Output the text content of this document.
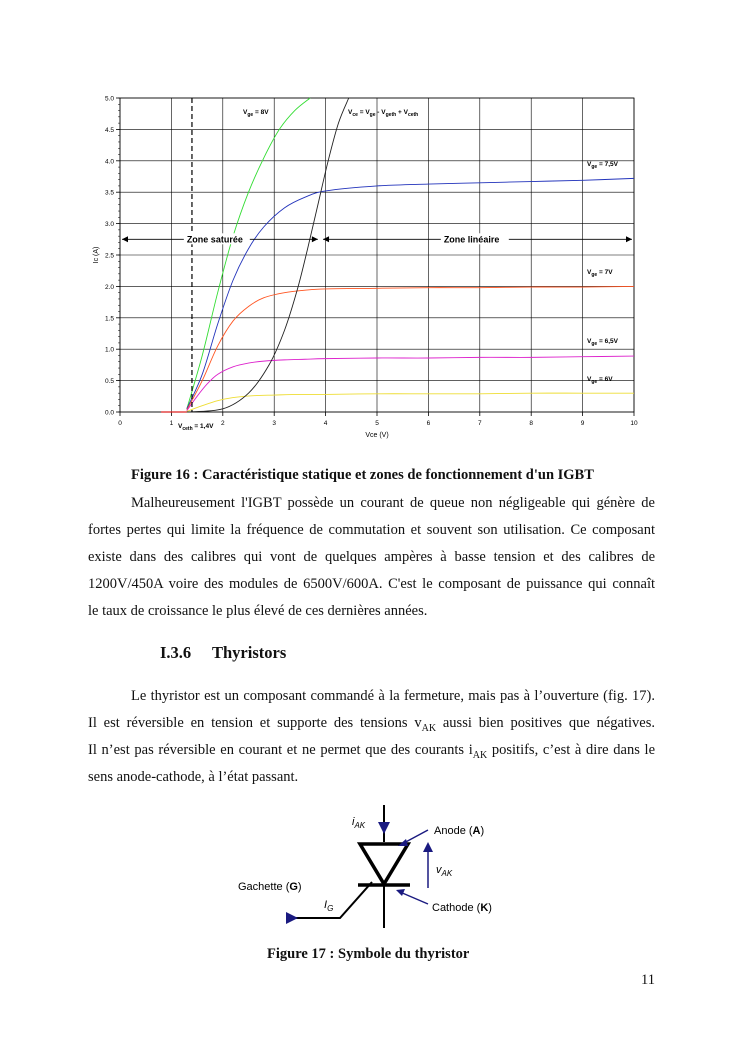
0.0
0.5
1.0
1.5
2.0
2.5
3.0
3.5
4.0
4.5
5.0
0	1	2	3	4	5	6	7	8	9	10
Zone saturée	Zone linéaire
$V_{ge} = 8V$	$V_{ce} = V_{ge} - V_{geth} + V_{ceth}$
$V_{ge} = 7,5V$
$V_{ge} = 7V$
$V_{ge} = 6,5V$
$V_{ge} = 6V$
$V_{ceth} = 1,4V$
Vce (V)
Ic (A)
Figure 16 : Caractéristique statique et zones de fonctionnement d'un IGBT
Malheureusement l'IGBT possède un courant de queue non négligeable qui génère de
fortes pertes qui limite la fréquence de commutation et souvent son utilisation. Ce composant
existe dans des calibres qui vont de quelques ampères à basse tension et des calibres de
1200V/450A voire des modules de 6500V/600A. C'est le composant de puissance qui connaît
le taux de croissance le plus élevé de ces dernières années.
I.3.6 Thyristors
Le thyristor est un composant commandé à la fermeture, mais pas à l’ouverture (fig. 17).
Il est réversible en tension et supporte des tensions $v_{AK}$ aussi bien positives que négatives.
Il n’est pas réversible en courant et ne permet que des courants $i_{AK}$ positifs, c’est à dire dans le
sens anode-cathode, à l’état passant.
$i_{AK}$	Anode (A)
$v_{AK}$
Gachette (G)
$I_G$	Cathode (K)
Figure 17 : Symbole du thyristor
11
